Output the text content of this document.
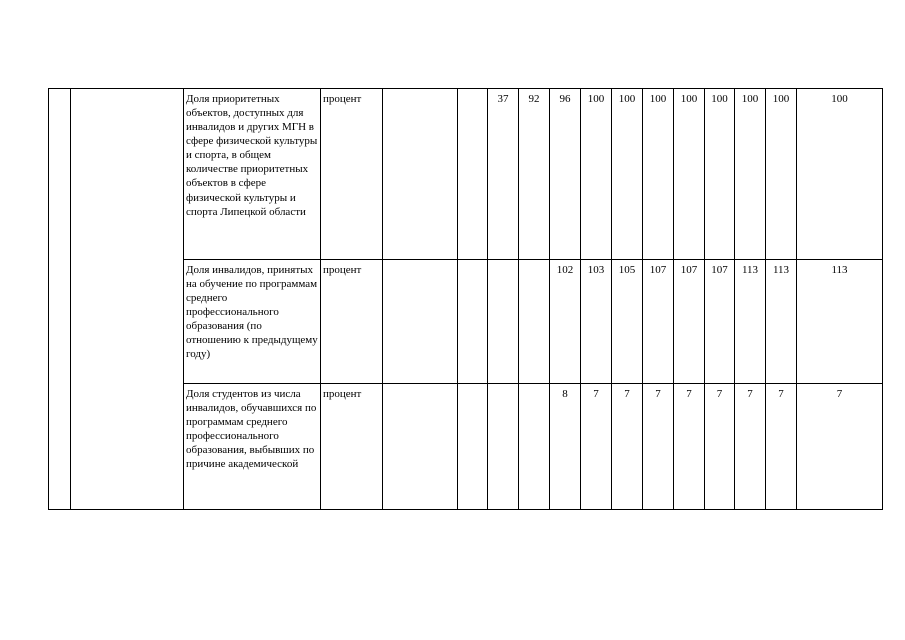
		Доля приоритетных объектов, доступных для инвалидов и других МГН в сфере физической культуры и спорта, в общем количестве приоритетных объектов в сфере физической культуры и спорта Липецкой области	процент			37	92	96	100	100	100	100	100	100	100	100
		Доля инвалидов, принятых на обучение по программам среднего профессионального образования (по отношению к предыдущему году)	процент					102	103	105	107	107	107	113	113	113
		Доля студентов из числа инвалидов, обучавшихся по программам среднего профессионального образования, выбывших по причине академической	процент					8	7	7	7	7	7	7	7	7
